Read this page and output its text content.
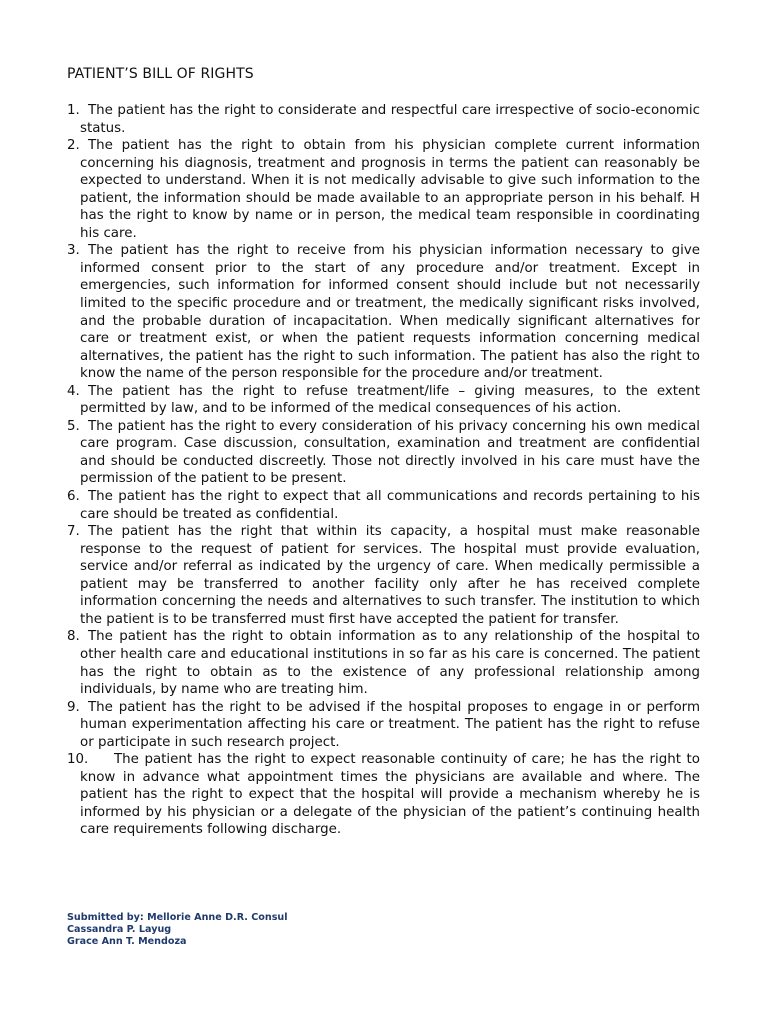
PATIENT’S BILL OF RIGHTS
1. The patient has the right to considerate and respectful care irrespective of socio-economic status.
2. The patient has the right to obtain from his physician complete current information concerning his diagnosis, treatment and prognosis in terms the patient can reasonably be expected to understand. When it is not medically advisable to give such information to the patient, the information should be made available to an appropriate person in his behalf. H has the right to know by name or in person, the medical team responsible in coordinating his care.
3. The patient has the right to receive from his physician information necessary to give informed consent prior to the start of any procedure and/or treatment. Except in emergencies, such information for informed consent should include but not necessarily limited to the specific procedure and or treatment, the medically significant risks involved, and the probable duration of incapacitation. When medically significant alternatives for care or treatment exist, or when the patient requests information concerning medical alternatives, the patient has the right to such information. The patient has also the right to know the name of the person responsible for the procedure and/or treatment.
4. The patient has the right to refuse treatment/life – giving measures, to the extent permitted by law, and to be informed of the medical consequences of his action.
5. The patient has the right to every consideration of his privacy concerning his own medical care program. Case discussion, consultation, examination and treatment are confidential and should be conducted discreetly. Those not directly involved in his care must have the permission of the patient to be present.
6. The patient has the right to expect that all communications and records pertaining to his care should be treated as confidential.
7. The patient has the right that within its capacity, a hospital must make reasonable response to the request of patient for services. The hospital must provide evaluation, service and/or referral as indicated by the urgency of care. When medically permissible a patient may be transferred to another facility only after he has received complete information concerning the needs and alternatives to such transfer. The institution to which the patient is to be transferred must first have accepted the patient for transfer.
8. The patient has the right to obtain information as to any relationship of the hospital to other health care and educational institutions in so far as his care is concerned. The patient has the right to obtain as to the existence of any professional relationship among individuals, by name who are treating him.
9. The patient has the right to be advised if the hospital proposes to engage in or perform human experimentation affecting his care or treatment. The patient has the right to refuse or participate in such research project.
10.	The patient has the right to expect reasonable continuity of care; he has the right to know in advance what appointment times the physicians are available and where. The patient has the right to expect that the hospital will provide a mechanism whereby he is informed by his physician or a delegate of the physician of the patient’s continuing health care requirements following discharge.
Submitted by: Mellorie Anne D.R. Consul
Cassandra P. Layug
Grace Ann T. Mendoza
